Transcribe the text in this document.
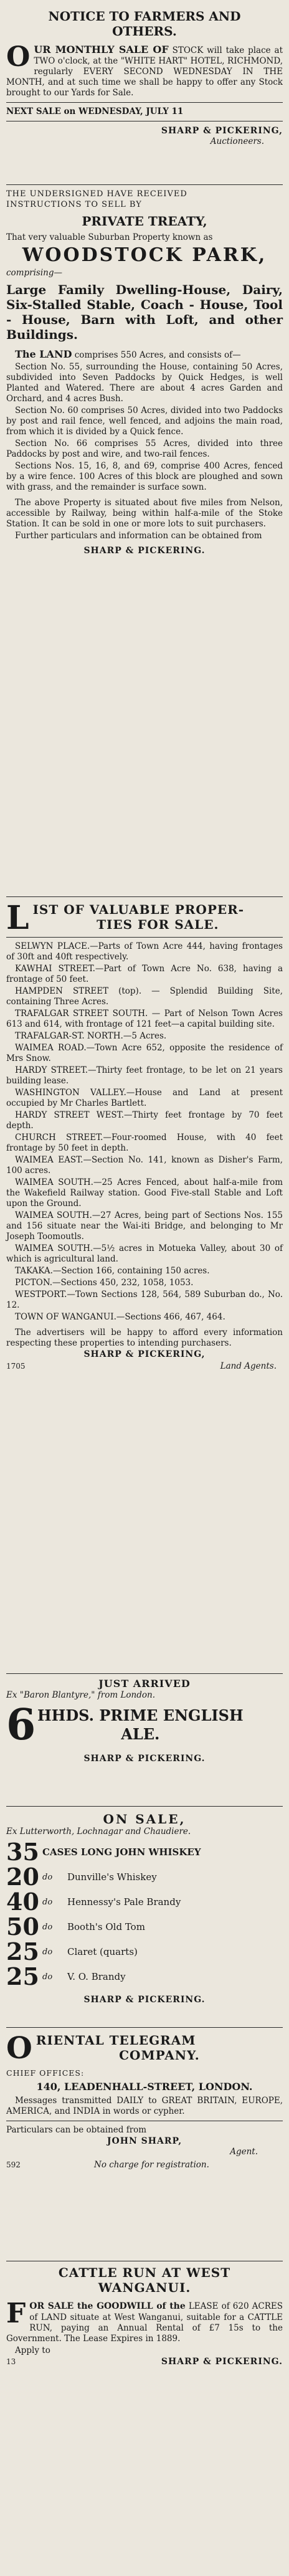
NOTICE TO FARMERS AND
OTHERS.
O UR MONTHLY SALE OF STOCK will take place at TWO o'clock, at the "WHITE HART" HOTEL, RICHMOND, regularly EVERY SECOND WEDNESDAY IN THE MONTH, and at such time we shall be happy to offer any Stock brought to our Yards for Sale.
NEXT SALE on WEDNESDAY, JULY 11
SHARP & PICKERING,
Auctioneers.
THE UNDERSIGNED HAVE RECEIVED
INSTRUCTIONS TO SELL BY
PRIVATE TREATY,
That very valuable Suburban Property known as
WOODSTOCK PARK,
comprising—
Large Family Dwelling-House, Dairy, Six-Stalled Stable, Coach - House, Tool - House, Barn with Loft, and other Buildings.
The LAND comprises 550 Acres, and consists of—
Section No. 55, surrounding the House, containing 50 Acres, subdivided into Seven Paddocks by Quick Hedges, is well Planted and Watered. There are about 4 acres Garden and Orchard, and 4 acres Bush.
Section No. 60 comprises 50 Acres, divided into two Paddocks by post and rail fence, well fenced, and adjoins the main road, from which it is divided by a Quick fence.
Section No. 66 comprises 55 Acres, divided into three Paddocks by post and wire, and two-rail fences.
Sections Nos. 15, 16, 8, and 69, comprise 400 Acres, fenced by a wire fence. 100 Acres of this block are ploughed and sown with grass, and the remainder is surface sown.
The above Property is situated about five miles from Nelson, accessible by Railway, being within half-a-mile of the Stoke Station. It can be sold in one or more lots to suit purchasers.
Further particulars and information can be obtained from
SHARP & PICKERING.
L IST OF VALUABLE PROPER-
TIES FOR SALE.
SELWYN PLACE.—Parts of Town Acre 444, having frontages of 30ft and 40ft respectively.
KAWHAI STREET.—Part of Town Acre No. 638, having a frontage of 50 feet.
HAMPDEN STREET (top). — Splendid Building Site, containing Three Acres.
TRAFALGAR STREET SOUTH. — Part of Nelson Town Acres 613 and 614, with frontage of 121 feet—a capital building site.
TRAFALGAR-ST. NORTH.—5 Acres.
WAIMEA ROAD.—Town Acre 652, opposite the residence of Mrs Snow.
HARDY STREET.—Thirty feet frontage, to be let on 21 years building lease.
WASHINGTON VALLEY.—House and Land at present occupied by Mr Charles Bartlett.
HARDY STREET WEST.—Thirty feet frontage by 70 feet depth.
CHURCH STREET.—Four-roomed House, with 40 feet frontage by 50 feet in depth.
WAIMEA EAST.—Section No. 141, known as Disher's Farm, 100 acres.
WAIMEA SOUTH.—25 Acres Fenced, about half-a-mile from the Wakefield Railway station. Good Five-stall Stable and Loft upon the Ground.
WAIMEA SOUTH.—27 Acres, being part of Sections Nos. 155 and 156 situate near the Wai-iti Bridge, and belonging to Mr Joseph Toomoutls.
WAIMEA SOUTH.—5½ acres in Motueka Valley, about 30 of which is agricultural land.
TAKAKA.—Section 166, containing 150 acres.
PICTON.—Sections 450, 232, 1058, 1053.
WESTPORT.—Town Sections 128, 564, 589 Suburban do., No. 12.
TOWN OF WANGANUI.—Sections 466, 467, 464.
The advertisers will be happy to afford every information respecting these properties to intending purchasers.
SHARP & PICKERING,
1705	Land Agents.
JUST ARRIVED
Ex "Baron Blantyre," from London.
6 HHDS. PRIME ENGLISH
ALE.
SHARP & PICKERING.
ON SALE,
Ex Lutterworth, Lochnagar and Chaudiere.
35 CASES LONG JOHN WHISKEY
20 do	Dunville's Whiskey
40 do	Hennessy's Pale Brandy
50 do	Booth's Old Tom
25 do	Claret (quarts)
25 do	V. O. Brandy
SHARP & PICKERING.
O RIENTAL TELEGRAM
COMPANY.
CHIEF OFFICES:
140, LEADENHALL-STREET, LONDON.
Messages transmitted DAILY to GREAT BRITAIN, EUROPE, AMERICA, and INDIA in words or cypher.
Particulars can be obtained from
JOHN SHARP,
Agent.
592	No charge for registration.
CATTLE RUN AT WEST
WANGANUI.
F OR SALE the GOODWILL of the LEASE of 620 ACRES of LAND situate at West Wanganui, suitable for a CATTLE RUN, paying an Annual Rental of £7 15s to the Government. The Lease Expires in 1889.
Apply to
13	SHARP & PICKERING.
